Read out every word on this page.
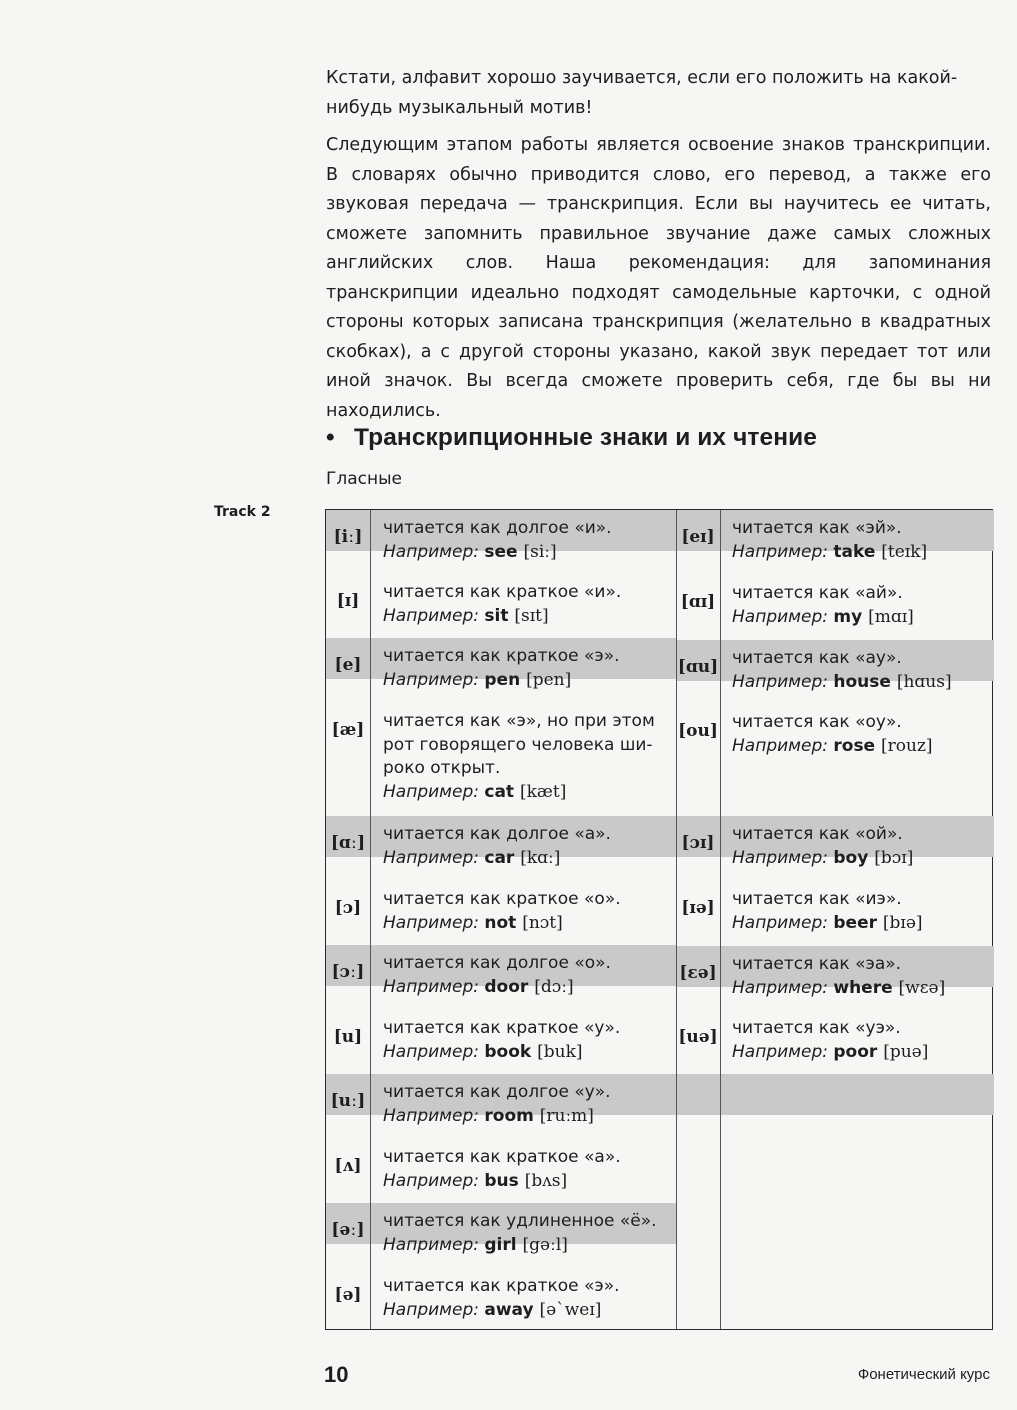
Кстати, алфавит хорошо заучивается, если его положить на какой-нибудь музыкальный мотив!

Следующим этапом работы является освоение знаков транскрипции. В словарях обычно приводится слово, его перевод, а также его звуковая передача — транскрипция. Если вы научитесь ее читать, сможете запомнить правильное звучание даже самых сложных английских слов. Наша рекомендация: для запоминания транскрипции идеально подходят самодельные карточки, с одной стороны которых записана транскрипция (желательно в квадратных скобках), а с другой стороны указано, какой звук передает тот или иной значок. Вы всегда сможете проверить себя, где бы вы ни находились.

• Транскрипционные знаки и их чтение

Гласные

Track 2

[iː]	читается как долгое «и».
Например: see [siː]
[ɪ]	читается как краткое «и».
Например: sit [sɪt]
[e]	читается как краткое «э».
Например: pen [pen]
[æ]	читается как «э», но при этом
рот говорящего человека ши-
роко открыт.
Например: cat [kæt]
[ɑː] читается как долгое «а».
Например: car [kɑː]
[ɔ]	читается как краткое «о».
Например: not [nɔt]
[ɔː]	читается как долгое «о».
Например: door [dɔː]
[u]	читается как краткое «у».
Например: book [buk]
[uː] читается как долгое «у».
Например: room [ruːm]
[ʌ]	читается как краткое «а».
Например: bus [bʌs]
[əː]	читается как удлиненное «ё».
Например: girl [gəːl]
[ə]	читается как краткое «э».
Например: away [əˋweɪ]
[eɪ]	читается как «эй».
Например: take [teɪk]
[ɑɪ] читается как «ай».
Например: my [mɑɪ]
[ɑu] читается как «ау».
Например: house [hɑus]
[ou] читается как «оу».
Например: rose [rouz]
[ɔɪ]	читается как «ой».
Например: boy [bɔɪ]
[ɪə]	читается как «иэ».
Например: beer [bɪə]
[ɛə] читается как «эа».
Например: where [wɛə]
[uə] читается как «уэ».
Например: poor [puə]

10	Фонетический курс
